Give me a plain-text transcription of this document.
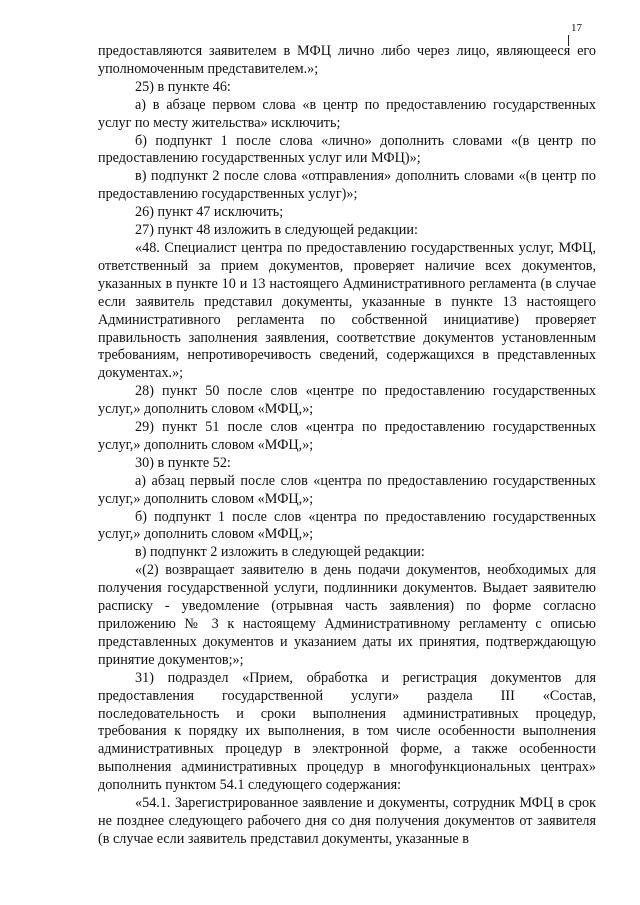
17

предоставляются заявителем в МФЦ лично либо через лицо, являющееся его уполномоченным представителем.»;

25) в пункте 46:

а) в абзаце первом слова «в центр по предоставлению государственных услуг по месту жительства» исключить;

б) подпункт 1 после слова «лично» дополнить словами «(в центр по предоставлению государственных услуг или МФЦ)»;

в) подпункт 2 после слова «отправления» дополнить словами «(в центр по предоставлению государственных услуг)»;

26) пункт 47 исключить;

27) пункт 48 изложить в следующей редакции:

«48. Специалист центра по предоставлению государственных услуг, МФЦ, ответственный за прием документов, проверяет наличие всех документов, указанных в пункте 10 и 13 настоящего Административного регламента (в случае если заявитель представил документы, указанные в пункте 13 настоящего Административного регламента по собственной инициативе) проверяет правильность заполнения заявления, соответствие документов установленным требованиям, непротиворечивость сведений, содержащихся в представленных документах.»;

28) пункт 50 после слов «центре по предоставлению государственных услуг,» дополнить словом «МФЦ,»;

29) пункт 51 после слов «центра по предоставлению государственных услуг,» дополнить словом «МФЦ,»;

30) в пункте 52:

а) абзац первый после слов «центра по предоставлению государственных услуг,» дополнить словом «МФЦ,»;

б) подпункт 1 после слов «центра по предоставлению государственных услуг,» дополнить словом «МФЦ,»;

в) подпункт 2 изложить в следующей редакции:

«(2) возвращает заявителю в день подачи документов, необходимых для получения государственной услуги, подлинники документов. Выдает заявителю расписку - уведомление (отрывная часть заявления) по форме согласно приложению № 3 к настоящему Административному регламенту с описью представленных документов и указанием даты их принятия, подтверждающую принятие документов;»;

31) подраздел «Прием, обработка и регистрация документов для предоставления государственной услуги» раздела III «Состав, последовательность и сроки выполнения административных процедур, требования к порядку их выполнения, в том числе особенности выполнения административных процедур в электронной форме, а также особенности выполнения административных процедур в многофункциональных центрах» дополнить пунктом 54.1 следующего содержания:

«54.1. Зарегистрированное заявление и документы, сотрудник МФЦ в срок не позднее следующего рабочего дня со дня получения документов от заявителя (в случае если заявитель представил документы, указанные в
